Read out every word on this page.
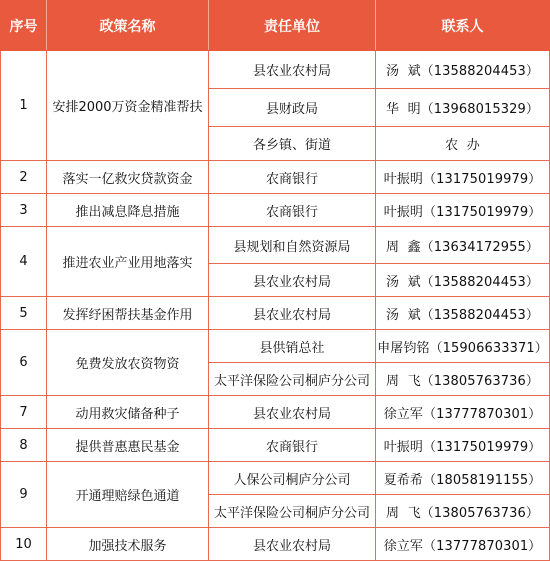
序号	政策名称	责任单位	联系人
1	安排2000万资金精准帮扶	县农业农村局	汤  斌（13588204453）
		县财政局	华  明（13968015329）
		各乡镇、街道	农  办
2	落实一亿救灾贷款资金	农商银行	叶振明（13175019979）
3	推出减息降息措施	农商银行	叶振明（13175019979）
4	推进农业产业用地落实	县规划和自然资源局	周  鑫（13634172955）
		县农业农村局	汤  斌（13588204453）
5	发挥纾困帮扶基金作用	县农业农村局	汤  斌（13588204453）
6	免费发放农资物资	县供销总社	申屠钧铭（15906633371）
		太平洋保险公司桐庐分公司	周  飞（13805763736）
7	动用救灾储备种子	县农业农村局	徐立军（13777870301）
8	提供普惠惠民基金	农商银行	叶振明（13175019979）
9	开通理赔绿色通道	人保公司桐庐分公司	夏希希（18058191155）
		太平洋保险公司桐庐分公司	周  飞（13805763736）
10	加强技术服务	县农业农村局	徐立军（13777870301）
